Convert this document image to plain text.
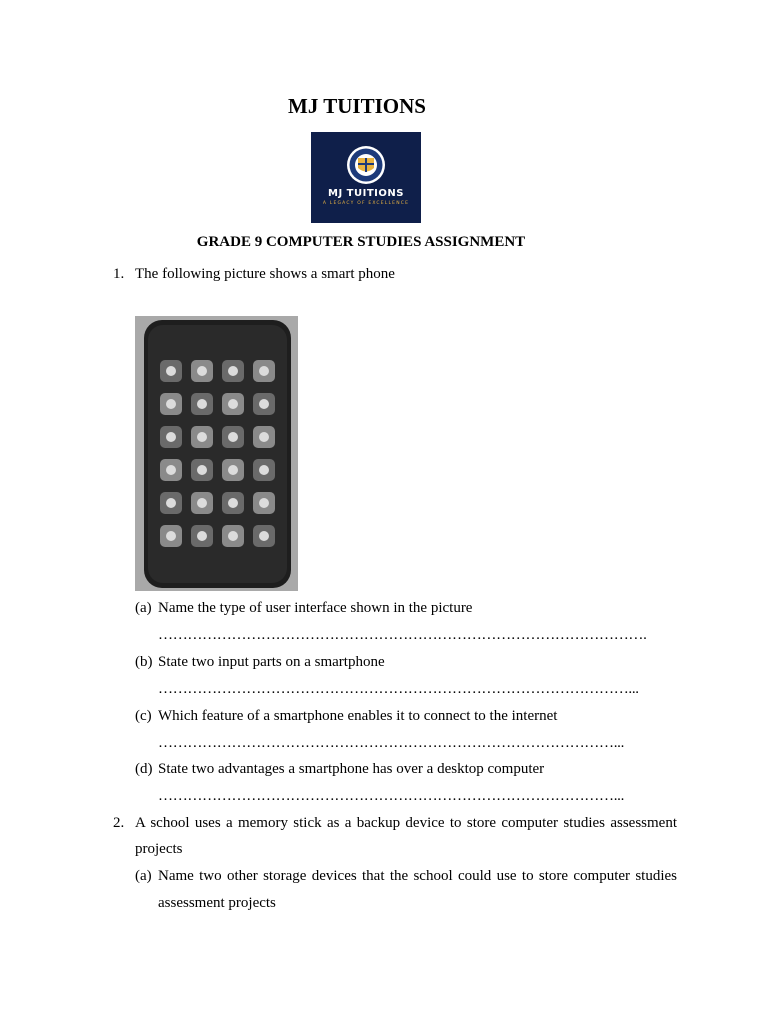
MJ TUITIONS
MJ TUITIONS
A LEGACY OF EXCELLENCE
GRADE 9 COMPUTER STUDIES ASSIGNMENT
1. The following picture shows a smart phone
(a) Name the type of user interface shown in the picture
……………………………………………………………………………………….
(b) State two input parts on a smartphone
……………………………………………………………………………………...
(c) Which feature of a smartphone enables it to connect to the internet
…………………………………………………………………………………...
(d) State two advantages a smartphone has over a desktop computer
…………………………………………………………………………………...
2. A school uses a memory stick as a backup device to store computer studies assessment
projects
(a) Name two other storage devices that the school could use to store computer studies
assessment projects
